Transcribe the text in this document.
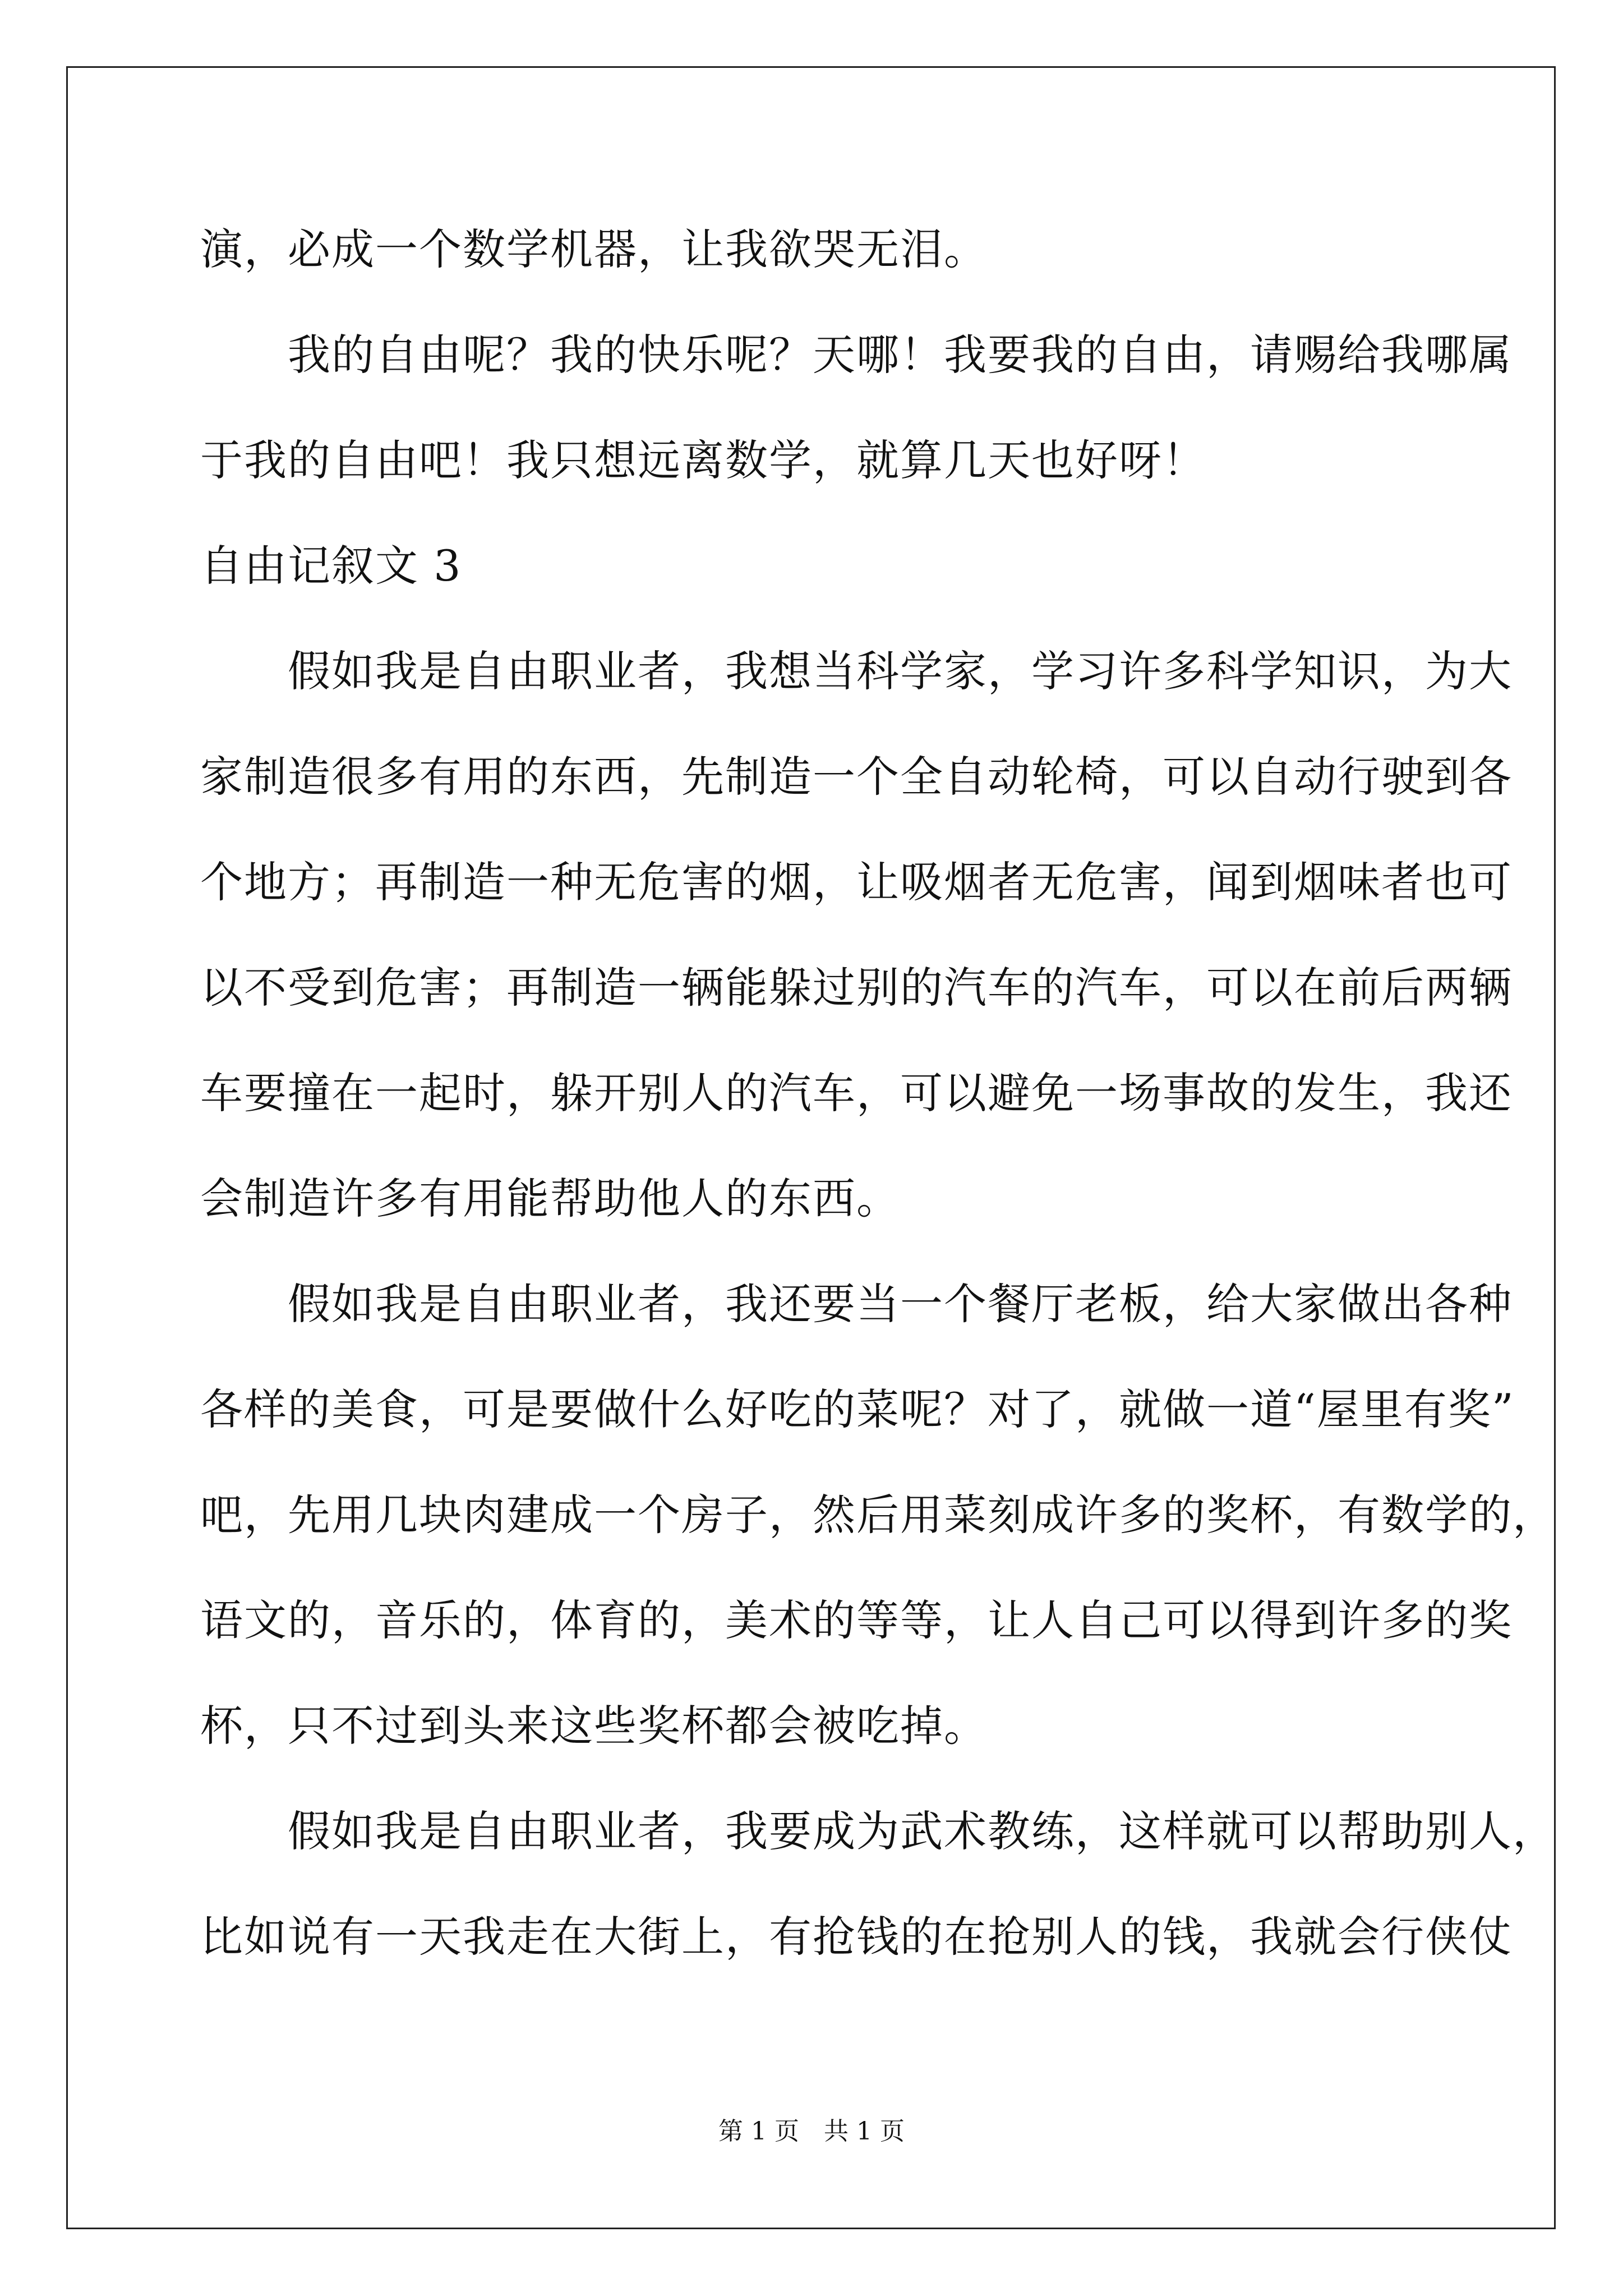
演，必成一个数学机器，让我欲哭无泪。
　　我的自由呢？我的快乐呢？天哪！我要我的自由，请赐给我哪属
于我的自由吧！我只想远离数学，就算几天也好呀！
自由记叙文 3
　　假如我是自由职业者，我想当科学家，学习许多科学知识，为大
家制造很多有用的东西，先制造一个全自动轮椅，可以自动行驶到各
个地方；再制造一种无危害的烟，让吸烟者无危害，闻到烟味者也可
以不受到危害；再制造一辆能躲过别的汽车的汽车，可以在前后两辆
车要撞在一起时，躲开别人的汽车，可以避免一场事故的发生，我还
会制造许多有用能帮助他人的东西。
　　假如我是自由职业者，我还要当一个餐厅老板，给大家做出各种
各样的美食，可是要做什么好吃的菜呢？对了，就做一道“屋里有奖”
吧，先用几块肉建成一个房子，然后用菜刻成许多的奖杯，有数学的，
语文的，音乐的，体育的，美术的等等，让人自己可以得到许多的奖
杯，只不过到头来这些奖杯都会被吃掉。
　　假如我是自由职业者，我要成为武术教练，这样就可以帮助别人，
比如说有一天我走在大街上，有抢钱的在抢别人的钱，我就会行侠仗
第 1 页　共 1 页
